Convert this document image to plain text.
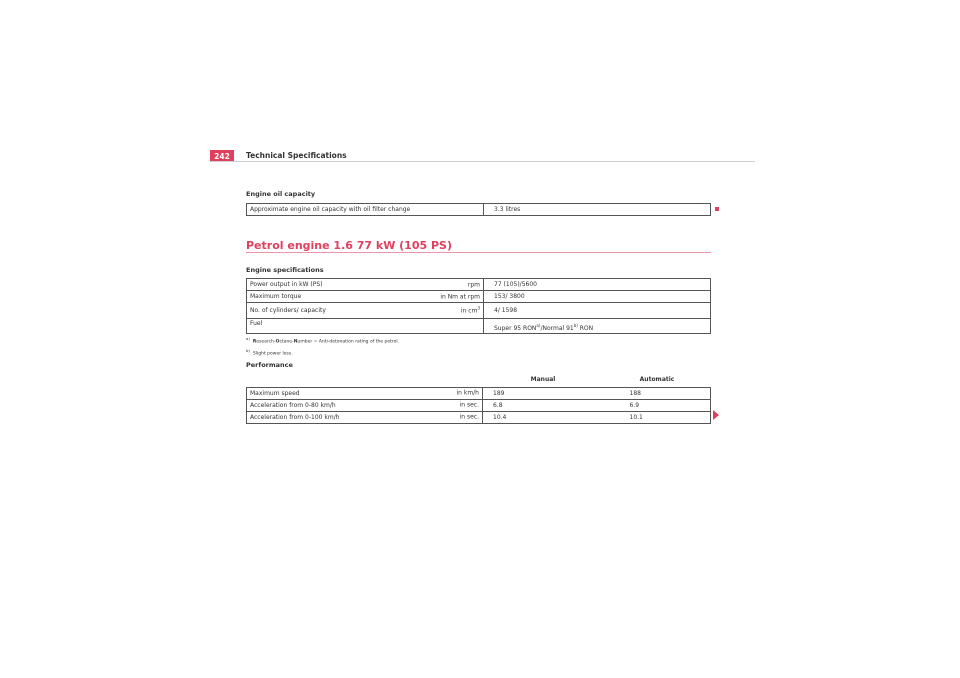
242 Technical Specifications
Engine oil capacity
Approximate engine oil capacity with oil filter change	3.3 litres
Petrol engine 1.6 77 kW (105 PS)
Engine specifications
Power output in kW (PS) rpm	77 (105)/5600
Maximum torque in Nm at rpm	153/ 3800
No. of cylinders/ capacity in $cm^3$	4/ 1598
Fuel	Super 95 RON$^{a)}$/Normal 91$^{b)}$ RON
$^{a)}$Research-Octane-Number = Anti-detonation rating of the petrol.
$^{b)}$Slight power loss.
Performance
	Manual	Automatic
Maximum speed in km/h	189	188
Acceleration from 0-80 km/h in sec.	6.8	6.9
Acceleration from 0-100 km/h in sec.	10.4	10.1
